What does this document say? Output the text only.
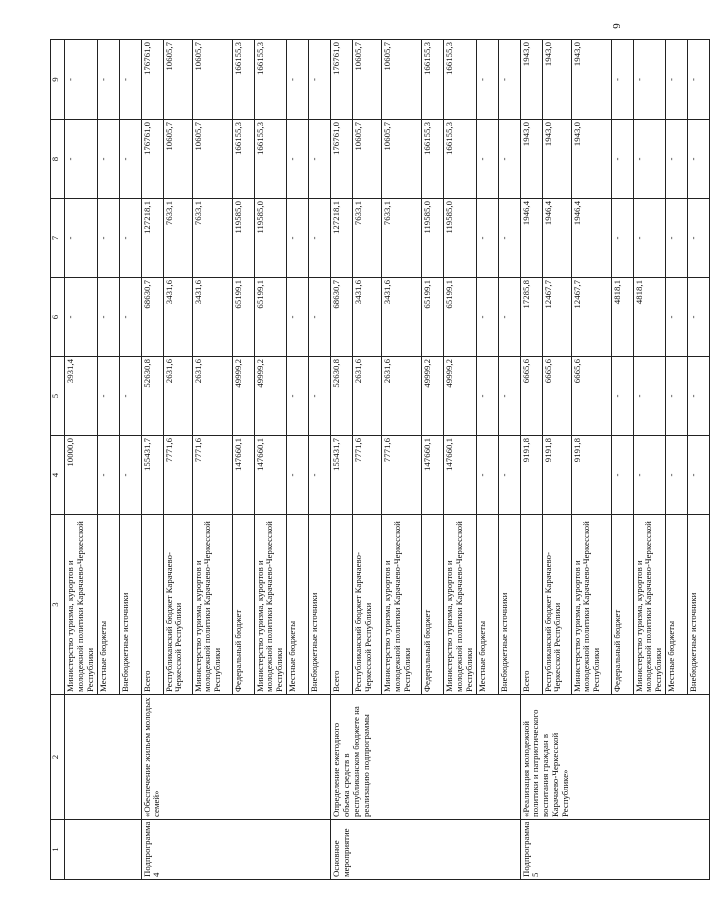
6
1	2	3	4	5	6	7	8	9
		Министерство туризма, курортов и молодежной политики Карачаево-Черкесской Республики	10000,0	3931,4	-	-	-	-
		Местные бюджеты	-	-	-	-	-	-
		Внебюджетные источники	-	-	-	-	-	-
Подпрограмма 4	«Обеспечение жильем молодых семей»	Всего	155431,7	52630,8	68630,7	127218,1	176761,0	176761,0
		Республиканский бюджет Карачаево-Черкесской Республики	7771,6	2631,6	3431,6	7633,1	10605,7	10605,7
		Министерство туризма, курортов и молодежной политики Карачаево-Черкесской Республики	7771,6	2631,6	3431,6	7633,1	10605,7	10605,7
		Федеральный бюджет	147660,1	49999,2	65199,1	119585,0	166155,3	166155,3
		Министерство туризма, курортов и молодежной политики Карачаево-Черкесской Республики	147660,1	49999,2	65199,1	119585,0	166155,3	166155,3
		Местные бюджеты	-	-	-	-	-	-
		Внебюджетные источники	-	-	-	-	-	-
Основное мероприятие	Определение ежегодного объема средств в республиканском бюджете на реализацию подпрограммы	Всего	155431,7	52630,8	68630,7	127218,1	176761,0	176761,0
		Республиканский бюджет Карачаево-Черкесской Республики	7771,6	2631,6	3431,6	7633,1	10605,7	10605,7
		Министерство туризма, курортов и молодежной политики Карачаево-Черкесской Республики	7771,6	2631,6	3431,6	7633,1	10605,7	10605,7
		Федеральный бюджет	147660,1	49999,2	65199,1	119585,0	166155,3	166155,3
		Министерство туризма, курортов и молодежной политики Карачаево-Черкесской Республики	147660,1	49999,2	65199,1	119585,0	166155,3	166155,3
		Местные бюджеты	-	-	-	-	-	-
		Внебюджетные источники	-	-	-	-	-	-
Подпрограмма 5	«Реализация молодежной политики и патриотического воспитания граждан в Карачаево-Черкесской Республике»	Всего	9191,8	6665,6	17285,8	1946,4	1943,0	1943,0
		Республиканский бюджет Карачаево-Черкесской Республики	9191,8	6665,6	12467,7	1946,4	1943,0	1943,0
		Министерство туризма, курортов и молодежной политики Карачаево-Черкесской Республики	9191,8	6665,6	12467,7	1946,4	1943,0	1943,0
		Федеральный бюджет	-	-	4818,1	-	-	-
		Министерство туризма, курортов и молодежной политики Карачаево-Черкесской Республики	-	-	4818,1	-	-	-
		Местные бюджеты	-	-	-	-	-	-
		Внебюджетные источники	-	-	-	-	-	-
